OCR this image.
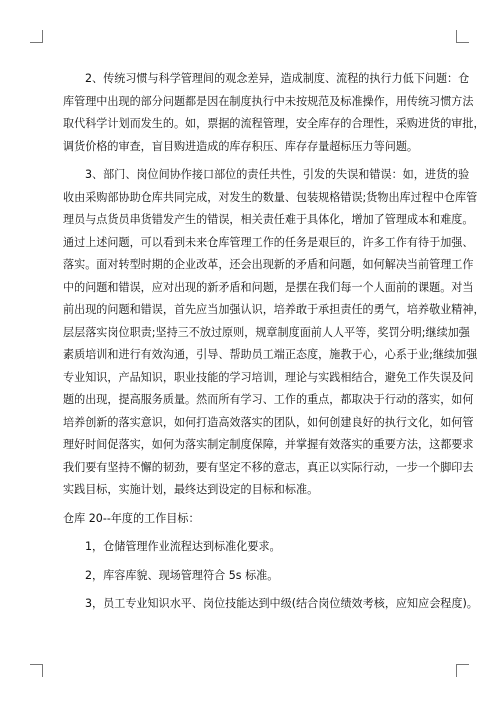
2、传统习惯与科学管理间的观念差异，造成制度、流程的执行力低下问题：仓
库管理中出现的部分问题都是因在制度执行中未按规范及标准操作，用传统习惯方法
取代科学计划而发生的。如，票据的流程管理，安全库存的合理性，采购进货的审批，
调货价格的审查，盲目购进造成的库存积压、库存存量超标压力等问题。
3、部门、岗位间协作接口部位的责任共性，引发的失误和错误：如，进货的验
收由采购部协助仓库共同完成，对发生的数量、包装规格错误;货物出库过程中仓库管
理员与点货员串货错发产生的错误，相关责任难于具体化，增加了管理成本和难度。
通过上述问题，可以看到未来仓库管理工作的任务是艰巨的，许多工作有待于加强、
落实。面对转型时期的企业改革，还会出现新的矛盾和问题，如何解决当前管理工作
中的问题和错误，应对出现的新矛盾和问题，是摆在我们每一个人面前的课题。对当
前出现的问题和错误，首先应当加强认识，培养敢于承担责任的勇气，培养敬业精神，
层层落实岗位职责;坚持三不放过原则，规章制度面前人人平等，奖罚分明;继续加强
素质培训和进行有效沟通，引导、帮助员工端正态度，施教于心，心系于业;继续加强
专业知识，产品知识，职业技能的学习培训，理论与实践相结合，避免工作失误及问
题的出现，提高服务质量。然而所有学习、工作的重点，都取决于行动的落实，如何
培养创新的落实意识，如何打造高效落实的团队，如何创建良好的执行文化，如何管
理好时间促落实，如何为落实制定制度保障，并掌握有效落实的重要方法，这都要求
我们要有坚持不懈的韧劲，要有坚定不移的意志，真正以实际行动，一步一个脚印去
实践目标，实施计划，最终达到设定的目标和标准。
仓库 20--年度的工作目标：
1，仓储管理作业流程达到标准化要求。
2，库容库貌、现场管理符合 5s 标准。
3，员工专业知识水平、岗位技能达到中级(结合岗位绩效考核，应知应会程度)。
